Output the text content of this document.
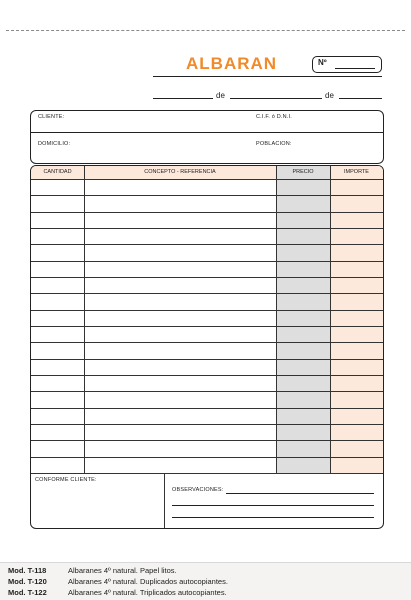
ALBARAN	Nº
de	de
CLIENTE:	C.I.F. ó D.N.I.
DOMICILIO:	POBLACION:
CANTIDAD	CONCEPTO - REFERENCIA	PRECIO	IMPORTE
CONFORME CLIENTE:
OBSERVACIONES:
Mod. T-118	Albaranes 4º natural. Papel litos.
Mod. T-120	Albaranes 4º natural. Duplicados autocopiantes.
Mod. T-122	Albaranes 4º natural. Triplicados autocopiantes.
